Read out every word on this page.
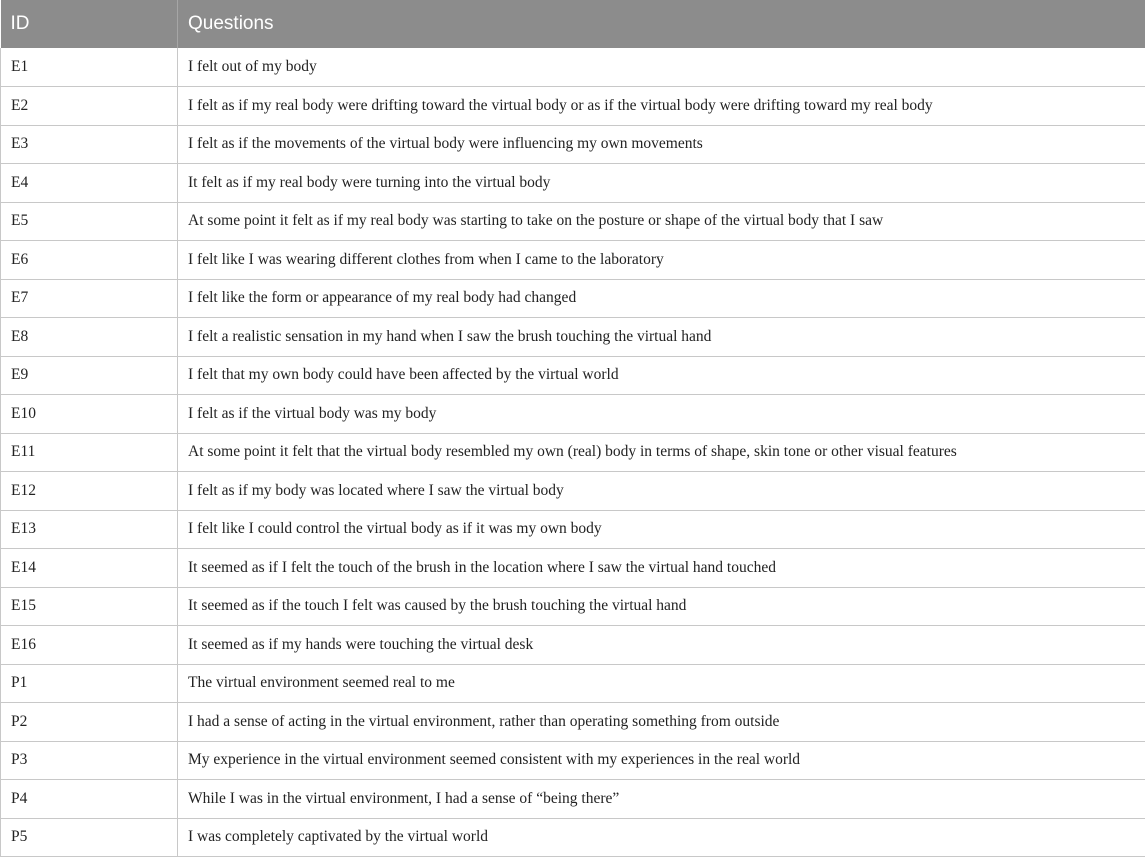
ID	Questions
E1	I felt out of my body
E2	I felt as if my real body were drifting toward the virtual body or as if the virtual body were drifting toward my real body
E3	I felt as if the movements of the virtual body were influencing my own movements
E4	It felt as if my real body were turning into the virtual body
E5	At some point it felt as if my real body was starting to take on the posture or shape of the virtual body that I saw
E6	I felt like I was wearing different clothes from when I came to the laboratory
E7	I felt like the form or appearance of my real body had changed
E8	I felt a realistic sensation in my hand when I saw the brush touching the virtual hand
E9	I felt that my own body could have been affected by the virtual world
E10	I felt as if the virtual body was my body
E11	At some point it felt that the virtual body resembled my own (real) body in terms of shape, skin tone or other visual features
E12	I felt as if my body was located where I saw the virtual body
E13	I felt like I could control the virtual body as if it was my own body
E14	It seemed as if I felt the touch of the brush in the location where I saw the virtual hand touched
E15	It seemed as if the touch I felt was caused by the brush touching the virtual hand
E16	It seemed as if my hands were touching the virtual desk
P1	The virtual environment seemed real to me
P2	I had a sense of acting in the virtual environment, rather than operating something from outside
P3	My experience in the virtual environment seemed consistent with my experiences in the real world
P4	While I was in the virtual environment, I had a sense of “being there”
P5	I was completely captivated by the virtual world
